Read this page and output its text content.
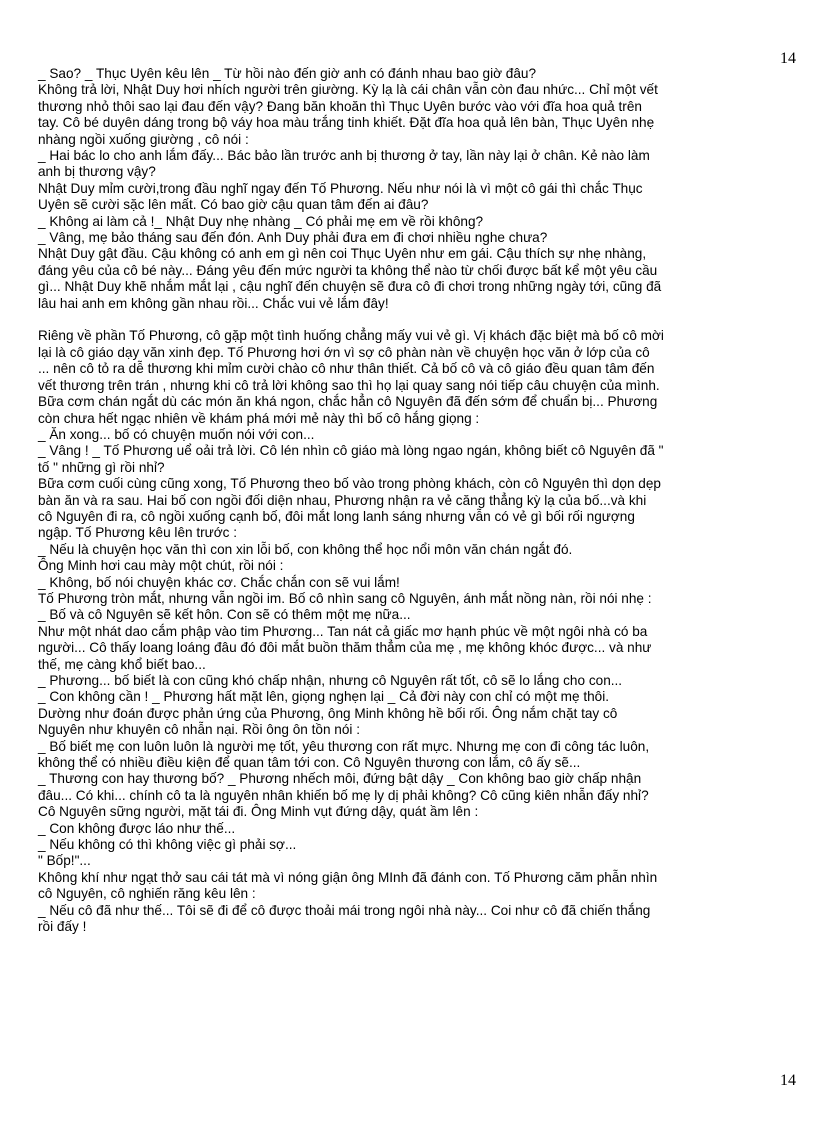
14
_ Sao? _ Thục Uyên kêu lên _ Từ hồi nào đến giờ anh có đánh nhau bao giờ đâu?
Không trả lời, Nhật Duy hơi nhích người trên giường. Kỳ lạ là cái chân vẫn còn đau nhức... Chỉ một vết
thương nhỏ thôi sao lại đau đến vậy? Đang băn khoăn thì Thục Uyên bước vào với đĩa hoa quả trên
tay. Cô bé duyên dáng trong bộ váy hoa màu trắng tinh khiết. Đặt đĩa hoa quả lên bàn, Thục Uyên nhẹ
nhàng ngồi xuống giường , cô nói :
_ Hai bác lo cho anh lắm đấy... Bác bảo lần trước anh bị thương ở tay, lần này lại ở chân. Kẻ nào làm
anh bị thương vậy?
Nhật Duy mỉm cười,trong đầu nghĩ ngay đến Tố Phương. Nếu như nói là vì một cô gái thì chắc Thục
Uyên sẽ cười sặc lên mất. Có bao giờ cậu quan tâm đến ai đâu?
_ Không ai làm cả !_ Nhật Duy nhẹ nhàng _ Có phải mẹ em về rồi không?
_ Vâng, mẹ bảo tháng sau đến đón. Anh Duy phải đưa em đi chơi nhiều nghe chưa?
Nhật Duy gật đầu. Cậu không có anh em gì nên coi Thục Uyên như em gái. Cậu thích sự nhẹ nhàng,
đáng yêu của cô bé này... Đáng yêu đến mức người ta không thể nào từ chối được bất kể một yêu cầu
gì... Nhật Duy khẽ nhắm mắt lại , cậu nghĩ đến chuyện sẽ đưa cô đi chơi trong những ngày tới, cũng đã
lâu hai anh em không gần nhau rồi... Chắc vui vẻ lắm đây!
Riêng về phần Tố Phương, cô gặp một tình huống chẳng mấy vui vẻ gì. Vị khách đặc biệt mà bố cô mời
lại là cô giáo dạy văn xinh đẹp. Tố Phương hơi ớn vì sợ cô phàn nàn về chuyện học văn ở lớp của cô
... nên cô tỏ ra dễ thương khi mỉm cười chào cô như thân thiết. Cả bố cô và cô giáo đều quan tâm đến
vết thương trên trán , nhưng khi cô trả lời không sao thì họ lại quay sang nói tiếp câu chuyện của mình.
Bữa cơm chán ngắt dù các món ăn khá ngon, chắc hẳn cô Nguyên đã đến sớm để chuẩn bị... Phương
còn chưa hết ngạc nhiên về khám phá mới mẻ này thì bố cô hắng giọng :
_ Ăn xong... bố có chuyện muốn nói với con...
_ Vâng ! _ Tố Phương uể oải trả lời. Cô lén nhìn cô giáo mà lòng ngao ngán, không biết cô Nguyên đã "
tố " những gì rồi nhỉ?
Bữa cơm cuối cùng cũng xong, Tố Phương theo bố vào trong phòng khách, còn cô Nguyên thì dọn dẹp
bàn ăn và ra sau. Hai bố con ngồi đối diện nhau, Phương nhận ra vẻ căng thẳng kỳ lạ của bố...và khi
cô Nguyên đi ra, cô ngồi xuống cạnh bố, đôi mắt long lanh sáng nhưng vẫn có vẻ gì bối rối ngượng
ngập. Tố Phương kêu lên trước :
_ Nếu là chuyện học văn thì con xin lỗi bố, con không thể học nổi môn văn chán ngắt đó.
Ông Minh hơi cau mày một chút, rồi nói :
_ Không, bố nói chuyện khác cơ. Chắc chắn con sẽ vui lắm!
Tố Phương tròn mắt, nhưng vẫn ngồi im. Bố cô nhìn sang cô Nguyên, ánh mắt nồng nàn, rồi nói nhẹ :
_ Bố và cô Nguyên sẽ kết hôn. Con sẽ có thêm một mẹ nữa...
Như một nhát dao cắm phập vào tim Phương... Tan nát cả giấc mơ hạnh phúc về một ngôi nhà có ba
người... Cô thấy loang loáng đâu đó đôi mắt buồn thăm thẳm của mẹ , mẹ không khóc được... và như
thế, mẹ càng khổ biết bao...
_ Phương... bố biết là con cũng khó chấp nhận, nhưng cô Nguyên rất tốt, cô sẽ lo lắng cho con...
_ Con không cần ! _ Phương hất mặt lên, giọng nghẹn lại _ Cả đời này con chỉ có một mẹ thôi.
Dường như đoán được phản ứng của Phương, ông Minh không hề bối rối. Ông nắm chặt tay cô
Nguyên như khuyên cô nhẫn nại. Rồi ông ôn tồn nói :
_ Bố biết mẹ con luôn luôn là người mẹ tốt, yêu thương con rất mực. Nhưng mẹ con đi công tác luôn,
không thể có nhiều điều kiện để quan tâm tới con. Cô Nguyên thương con lắm, cô ấy sẽ...
_ Thương con hay thương bố? _ Phương nhếch môi, đứng bật dậy _ Con không bao giờ chấp nhận
đâu... Có khi... chính cô ta là nguyên nhân khiến bố mẹ ly dị phải không? Cô cũng kiên nhẫn đấy nhỉ?
Cô Nguyên sững người, mặt tái đi. Ông Minh vụt đứng dậy, quát ầm lên :
_ Con không được láo như thế...
_ Nếu không có thì không việc gì phải sợ...
" Bốp!"...
Không khí như ngạt thở sau cái tát mà vì nóng giận ông MInh đã đánh con. Tố Phương căm phẫn nhìn
cô Nguyên, cô nghiến răng kêu lên :
_ Nếu cô đã như thế... Tôi sẽ đi để cô được thoải mái trong ngôi nhà này... Coi như cô đã chiến thắng
rồi đấy !
14
